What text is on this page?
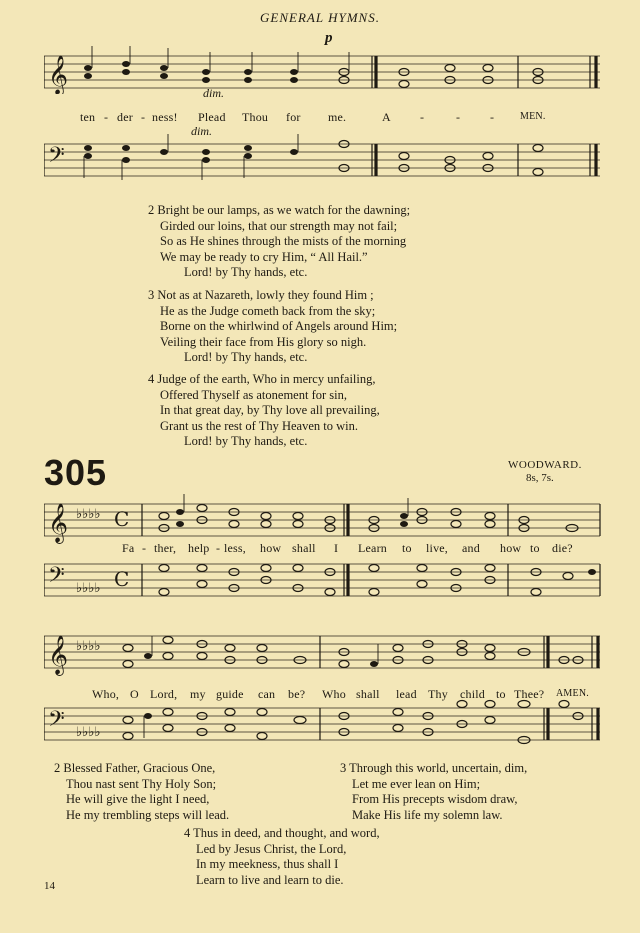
GENERAL HYMNS.
𝄞
p
dim.
ten - der - ness! Plead Thou for me.	A -	- -	MEN.
dim.
𝄢
2 Bright be our lamps, as we watch for the dawning;
Girded our loins, that our strength may not fail;
So as He shines through the mists of the morning
We may be ready to cry Him, “ All Hail.”
Lord! by Thy hands, etc.
3 Not as at Nazareth, lowly they found Him ;
He as the Judge cometh back from the sky;
Borne on the whirlwind of Angels around Him;
Veiling their face from His glory so nigh.
Lord! by Thy hands, etc.
4 Judge of the earth, Who in mercy unfailing,
Offered Thyself as atonement for sin,
In that great day, by Thy love all prevailing,
Grant us the rest of Thy Heaven to win.
Lord! by Thy hands, etc.
305	WOODWARD.
8s, 7s.
𝄞 ♭♭♭♭ C
Fa - ther, help - less, how shall I Learn to live, and how to die?
𝄢 ♭♭♭♭ C
𝄞 ♭♭♭♭
Who, O Lord, my guide can be? Who shall lead Thy child to Thee? AMEN.
𝄢 ♭♭♭♭
2 Blessed Father, Gracious One,
Thou nast sent Thy Holy Son;
He will give the light I need,
He my trembling steps will lead.
3 Through this world, uncertain, dim,
Let me ever lean on Him;
From His precepts wisdom draw,
Make His life my solemn law.
4 Thus in deed, and thought, and word,
Led by Jesus Christ, the Lord,
In my meekness, thus shall I
Learn to live and learn to die.
14
